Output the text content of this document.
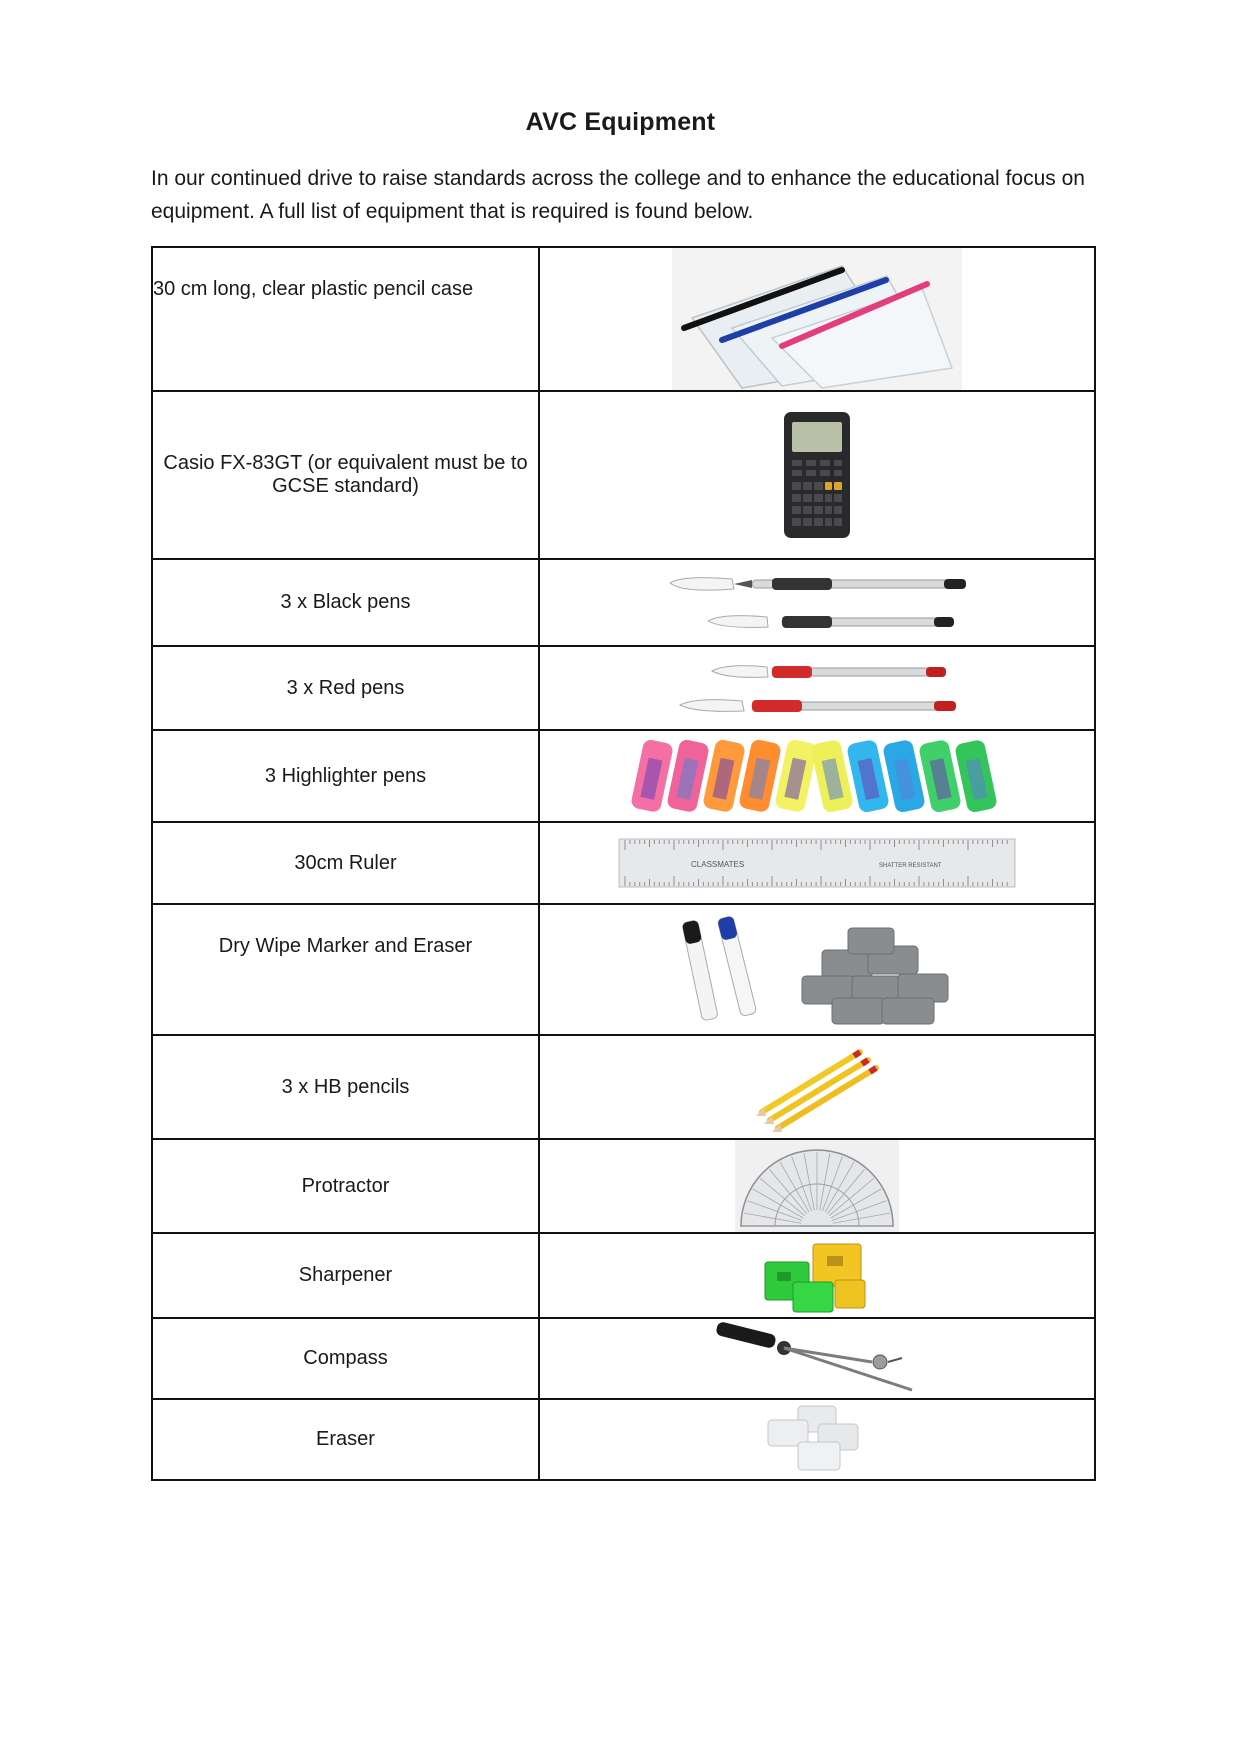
AVC Equipment
In our continued drive to raise standards across the college and to enhance the educational focus on equipment. A full list of equipment that is required is found below.
30 cm long, clear plastic pencil case

Casio FX-83GT (or equivalent must be to GCSE standard)	

3 x Black pens	

3 x Red pens	

3 Highlighter pens	

30cm Ruler	CLASSMATES SHATTER RESISTANT

Dry Wipe Marker and Eraser

3 x HB pencils	

Protractor	

Sharpener	

Compass	

Eraser	
